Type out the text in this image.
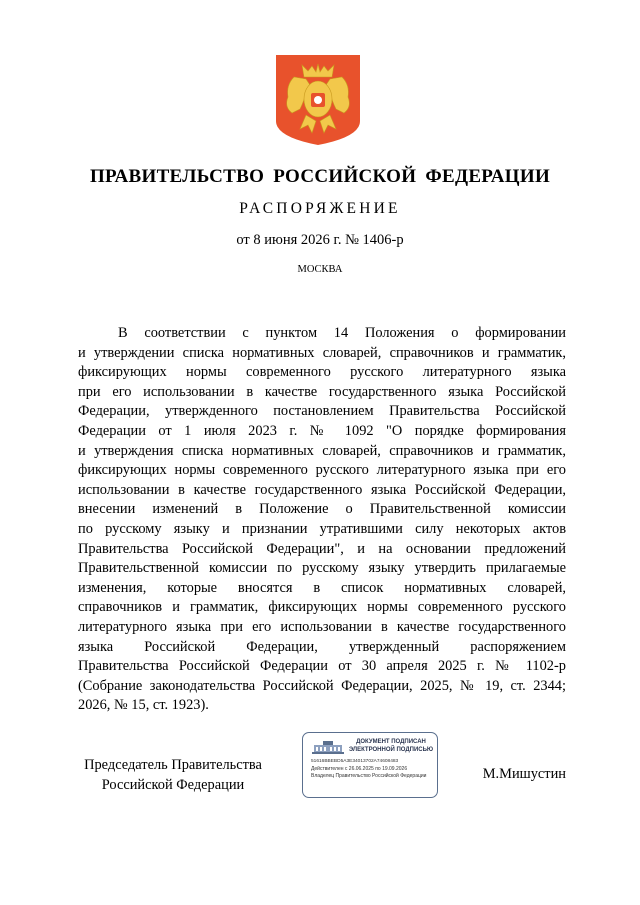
ПРАВИТЕЛЬСТВО РОССИЙСКОЙ ФЕДЕРАЦИИ
РАСПОРЯЖЕНИЕ
от 8 июня 2026 г. № 1406-р
МОСКВА
В соответствии с пунктом 14 Положения о формировании
и утверждении списка нормативных словарей, справочников и грамматик,
фиксирующих нормы современного русского литературного языка
при его использовании в качестве государственного языка Российской
Федерации, утвержденного постановлением Правительства Российской
Федерации от 1 июля 2023 г. № 1092 "О порядке формирования
и утверждения списка нормативных словарей, справочников и грамматик,
фиксирующих нормы современного русского литературного языка при его
использовании в качестве государственного языка Российской Федерации,
внесении изменений в Положение о Правительственной комиссии
по русскому языку и признании утратившими силу некоторых актов
Правительства Российской Федерации", и на основании предложений
Правительственной комиссии по русскому языку утвердить прилагаемые
изменения, которые вносятся в список нормативных словарей,
справочников и грамматик, фиксирующих нормы современного русского
литературного языка при его использовании в качестве государственного
языка Российской Федерации, утвержденный распоряжением
Правительства Российской Федерации от 30 апреля 2025 г. № 1102-р
(Собрание законодательства Российской Федерации, 2025, № 19, ст. 2344;
2026, № 15, ст. 1923).
Председатель Правительства
Российской Федерации
ДОКУМЕНТ ПОДПИСАН
ЭЛЕКТРОННОЙ ПОДПИСЬЮ
51616BBEBD5A3E34013702A74608483
Действителен с 26.06.2025 по 19.09.2026
Владелец Правительство Российской Федерации	М.Мишустин
